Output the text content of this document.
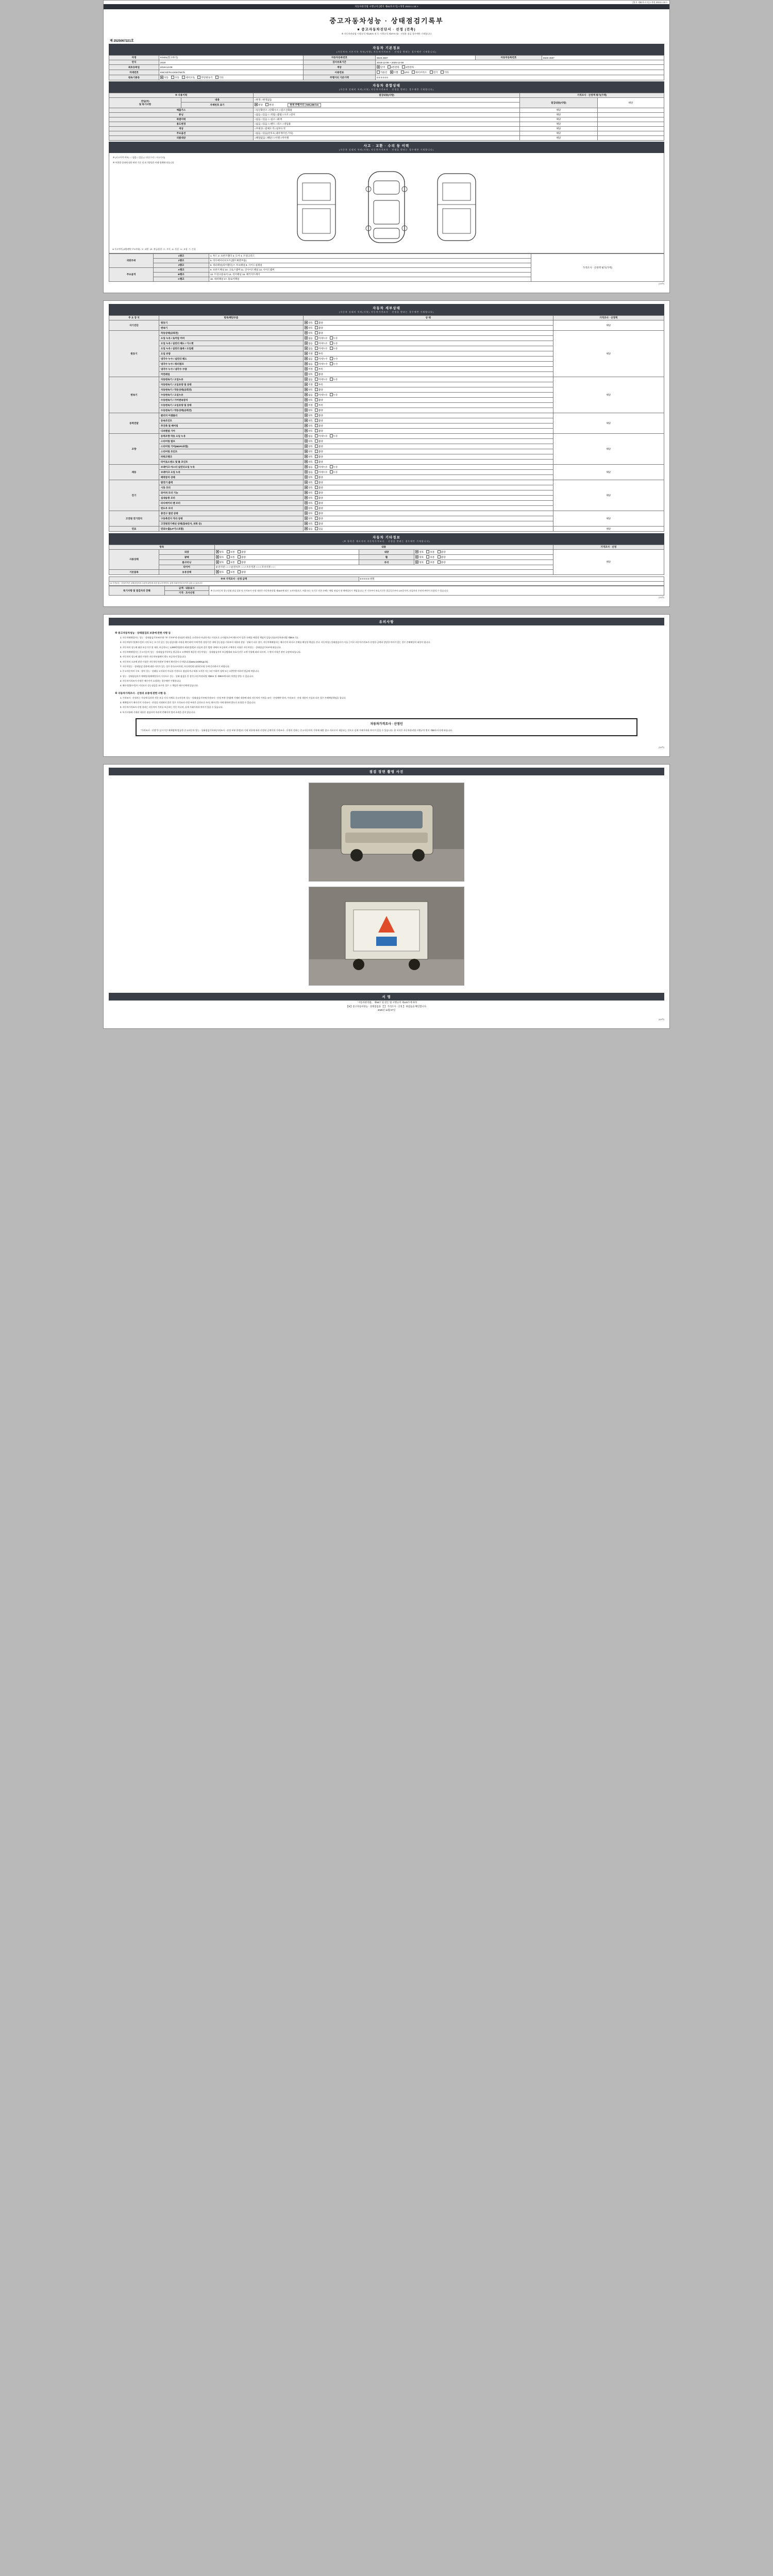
[별지 제82호서식] <개정 2023.1.10.>
자동차관리법 시행규칙 [별지 제82호서식] <개정 2023.1.10.>
중고자동차성능 · 상태점검기록부
■ 중고자동차진단서 · 선정 (건축)
※ 자동차관리법 시행규칙 제120조 및 동 시행규칙 제37조의2 · 선정용 점검 경우에만 기재합니다
제 2525067221호
자동차 기본정보
(자동차의 기본기록 특히(사항) 자동차가격조사 · 산정을 받려는 경우에만 기재합니다)
차명	K0401(봉고바디)	자동차등록번호	8549 3597	자동차등록번호	8549 3597
연식	2019	검사유효기간	2018-12-09 ~ 2025-12-08		
최초등록일	2018-12-09	색상	단색 2톤칼라 3톤칼라		
차대번호	KNCSZ7KA1K5476475	사용연료	가솔린 디젤 LPG 하이브리드 전기 기타		
변속기종류	자동 수동 세미오토 무단변속기 기타	주행거리 기준가액	0 0 0 0 0 0		
자동차 종합상태
(자동차 상태의 특히(사항) 자동차가격조사 · 산정을 받려는 경우에만 기재합니다)
※ 사용이력		점검내용(사항)	가격조사 · 산정액 평가(가액)	
전일(부)
및 특기사항	내용	□변경 □변경없음	점검내용(사항)	해당
	자체번호 표기	원상 변경 현재 주행거리 | 508,288 km		
배출가스		□일산화탄소 □탄화수소 □질소산화물	해당	
튜닝		□없음 □있음 / □적법 □불법 □구조 □장치	해당	
특별이력		□없음 □있음 / □침수 □화재	해당	
용도변경		□없음 □있음 / □렌트 □리스 □영업용	해당	
색상		□무변경 □전체도색 □일부도색	해당	
주요옵션		□없음 □있음(선루프,내비게이션,기타)	해당	
리콜대상		□해당없음 □해당 / □이행 □미이행	해당	
사고 · 교환 · 수리 등 이력
(자동차 상태의 특히(사항) 자동차가격조사 · 산정을 받려는 경우에만 기재합니다)
※ (사고이력 여부) : □ 없음 □ 있음 (□ 단순수리 □ 사고수리)
※ 부위별 상태에 대한 판단 기준 및 표기방법은 아래 범례에 따릅니다
※ 사고이력 (교환/판단 주요부위) X : 교환 · W : 판금/용접 · C : 부식 · A : 흠집 · U : 요철 · T : 손상
외판부위	1랭크	1. 후드 2. 프론트휀더 3. 도어 4. 트렁크리드	가격조사 · 산정액 평가(가액)
	2랭크	5. 라디에이터서포트(볼트체결부품)	
	3랭크	6. 쿼터패널(리어휀더) 7. 루프패널 8. 사이드실패널	
주요골격	A랭크	9. 프론트패널 10. 크로스멤버 11. 인사이드패널 12. 사이드멤버	
	B랭크	13. 트렁크플로어 14. 리어패널 15. 패키지트레이	
	C랭크	16. 대쉬패널 17. 플로어패널	
(1/4쪽)
자동차 세부상태
(자동차 상태의 특히(사항) 자동차가격조사 · 산정을 받려는 경우에만 기재합니다)
주 요 장 치	항목/해당부품	상 태	가격조사 · 산정액
자기진단	원동기	양호 불량	해당
	변속기	양호 불량	
원동기	작동상태(공회전)	양호 불량	해당
	오일 누유 / 로커암 커버	없음 미세누유 누유	
	오일 누유 / 실린더 헤드 / 가스켓	없음 미세누유 누유	
	오일 누유 / 실린더 블록 / 오일팬	없음 미세누유 누유	
	오일 유량	적정 부족	
	냉각수 누수 / 실린더 헤드	없음 미세누수 누수	
	냉각수 누수 / 워터펌프	없음 미세누수 누수	
	냉각수 누수 / 냉각수 수량	적정 부족	
	커먼레일	양호 불량	
변속기	자동변속기 / 오일누유	없음 미세누유 누유	해당
	자동변속기 / 오일유량 및 상태	적정 부족	
	자동변속기 / 작동상태(공회전)	양호 불량	
	수동변속기 / 오일누유	없음 미세누유 누유	
	수동변속기 / 기어변속장치	양호 불량	
	수동변속기 / 오일유량 및 상태	적정 부족	
	수동변속기 / 작동상태(공회전)	양호 불량	
동력전달	클러치 어셈블리	양호 불량	해당
	등속조인트	양호 불량	
	추진축 및 베어링	양호 불량	
	디퍼렌셜 기어	양호 불량	
조향	동력조향 작동 오일 누유	없음 미세누유 누유	해당
	스티어링 펌프	양호 불량	
	스티어링 기어(MDPS포함)	양호 불량	
	스티어링 조인트	양호 불량	
	파워크랭크	양호 불량	
	타이로드엔드 및 볼 조인트	양호 불량	
제동	브레이크 마스터 실린더오일 누유	없음 미세누유 누유	해당
	브레이크 오일 누유	없음 미세누유 누유	
	배력장치 상태	양호 불량	
전기	발전기 출력	양호 불량	해당
	시동 모터	양호 불량	
	와이퍼 모터 기능	양호 불량	
	실내송풍 모터	양호 불량	
	라디에이터 팬 모터	양호 불량	
	윈도우 모터	양호 불량	
고전원 전기장치	충전구 절연 상태	양호 불량	해당
	구동축전지 격리 상태	양호 불량	
	고전원전기배선 상태(접속단자, 피복 등)	양호 불량	
연료	연료누출(LP가스포함)	없음 있음	해당
자동차 기타정보
(※ 항목은 제시자의 자동차가격조사 · 산정을 받려는 경우에만 기재합니다)
항목		내용			가격조사 · 산정
사용상태	외장	양호 보통 불량	내장	양호 보통 불량	해당
	광택	양호 보통 불량	휠	양호 보통 불량	
	룸크리닝	양호 보통 불량	유리	양호 보통 불량	
	타이어	운전석전 □ □ / 운전석후 □ □ / 조수석전 □ □ / 조수석후 □ □			
기본품목	보유상태	양호 보통 불량			
※※ 가격조사 · 산정 금액	0 0 0 0 0 천원
※ 가격조사 · 산정가격은 상태점검자의 주관적 판단에 의한 참고가격이며, 실제 거래가격과 차이가 있을 수 있습니다
특기사항 및 점검자의 견해	금액 · 내용표시	※ 중고자동차 성능상태 점검 결과 및 가격조사·산정 내용은 자동차관리법 제58조에 따른 고지사항으로, 허위 또는 오기로 인한 손해는 해당 점검자 및 매매업자가 책임집니다. 본 기록부의 유효기간은 발급일로부터 120일이며, 점검자의 주관적 판단이 포함될 수 있습니다.
가격 · 조사산정
(2/4쪽)
유의사항
※ 중고자동차성능 · 상태점검의 보증에 관한 사항 등
1. 자동차매매업자는 성능 · 상태점검기록부(이하 "본 기록부"라 한다)의 내용을 고지하지 아니하거나 거짓으로 고지됨으로써 매수인이 입은 손해를 배상할 책임이 있습니다(자동차관리법 제58조 등).
2. 자동차양수인(매수인)이 거짓 또는 오기가 있는 성능점검내용 사항을 확인하여 이에 반한 상당기간 내에 성능점검 기록부의 내용과 상당 · 상태가 다른 경우, 자동차매매업자는 매수인의 하자로 손해를 배상할 책임을 진다. 자동차성능상태점검자가 이를 근거로 자동차가격조사·산정한 금액과 상당한 차이가 있는 경우 손해배상의 대상이 됩니다.
3. 자동차의 성능에 대한 보증기간 및 내용, 보증한도는 1,000만원(원의 최대 범위)로 다음과 같은 범위 내에서 보증하며 구체적인 사항은 자동차성능 · 상태점검기록부에 따릅니다.
4. 자동차매매업자는 중고자동차 성능 · 상태점검기록부를 발급하고 고객에게 제공한 자동차성능 · 상태점검자의 보증범위와 유효기간은 고객 사항에 따라 다르며, 그 밖의 사항은 관련 규정에 따릅니다.
5. 자동차의 성능에 대한 사항은 자동차보험에서 별도 보증하지 않습니다.
6. 자동차의 소유에 관한 사항은 자동차등록원부 등에서 확인하시기 바랍니다(www.car365.go.kr).
7. 자동차성능 · 상태점검 결과에 대한 이의가 있는 경우 한국소비자원, 자동차민원 대국민포털 등에 문의하시기 바랍니다.
1. 중고자동차의 구조 · 장치 성능 · 상태를 고지하지 아니한 거짓으로 점검하거나 허위 고지한 자는 1년 이하의 징역 또는 1천만원 이하의 벌금에 처합니다.
2. 성능 · 상태점검자가 매매업자(매매업자의 거짓으로 성능 · 상태 점검을 한 경우) 자동차관리법 제58조 및 제80조에 따라 처벌을 받을 수 있습니다.
3. 자동차가격조사·산정은 매수인이 요청하는 경우에만 시행합니다.
4. 매수인(양수인)이 거짓으로 성능점검을 요구한 경우 그 책임은 매수인에게 있습니다.
※ 자동차가격조사 · 산정의 보증에 관한 사항 등
1. 가격조사 · 산정자는 사실에 입각한 전문 보증 지식 자체로 중고자동차 성능 · 상태점검기록부(가격조사 · 산정 부분 한정)에 기재된 내용에 따라 자동차의 가격을 조사 · 산정해야 하며, 가격조사 · 산정 내용이 사실과 다른 경우 손해배상책임을 집니다.
2. 매매업자가 매수인이 가격조사 · 산정을 의뢰하지 않은 경우 가격조사·산정 부분은 공란으로 두며, 매수인은 이에 대하여 별도로 요청할 수 있습니다.
3. 자동차가격조사·산정 결과는 자동차의 가치를 보증하는 것은 아니며, 실제 거래가격과 차이가 있을 수 있습니다.
4. 특기사항에 기재된 내용은 점검자의 주관적 견해이며 법적 효력을 갖지 않습니다.
자동차가격조사 · 산정인
"가격조사 · 산정"은 실시기간 매매업체 발급한 중고자동차 성능 · 상태점검기록부(가격조사 · 산정 부분 한정)의 기재 내용에 따라 산정된 금액이며 가격조사 · 산정의 결과는 중고자동차의 가치에 대한 참고 자료로서 제공되는 것으로 실제 거래가격과 차이가 있을 수 있습니다. 본 서식은 자동차관리법 시행규칙 별지 제82호서식에 따릅니다.
(3/4쪽)
점검 장면 촬영 사진
서 명
「자동차관리법」 제58조 및 같은 법 시행규칙 제120조에 따라
【※】중고자동차성능 · 상태점검을 【 】 가격조사 · 산정 】 하였음을 확인합니다.
2025년 11월 07일
(4/4쪽)
